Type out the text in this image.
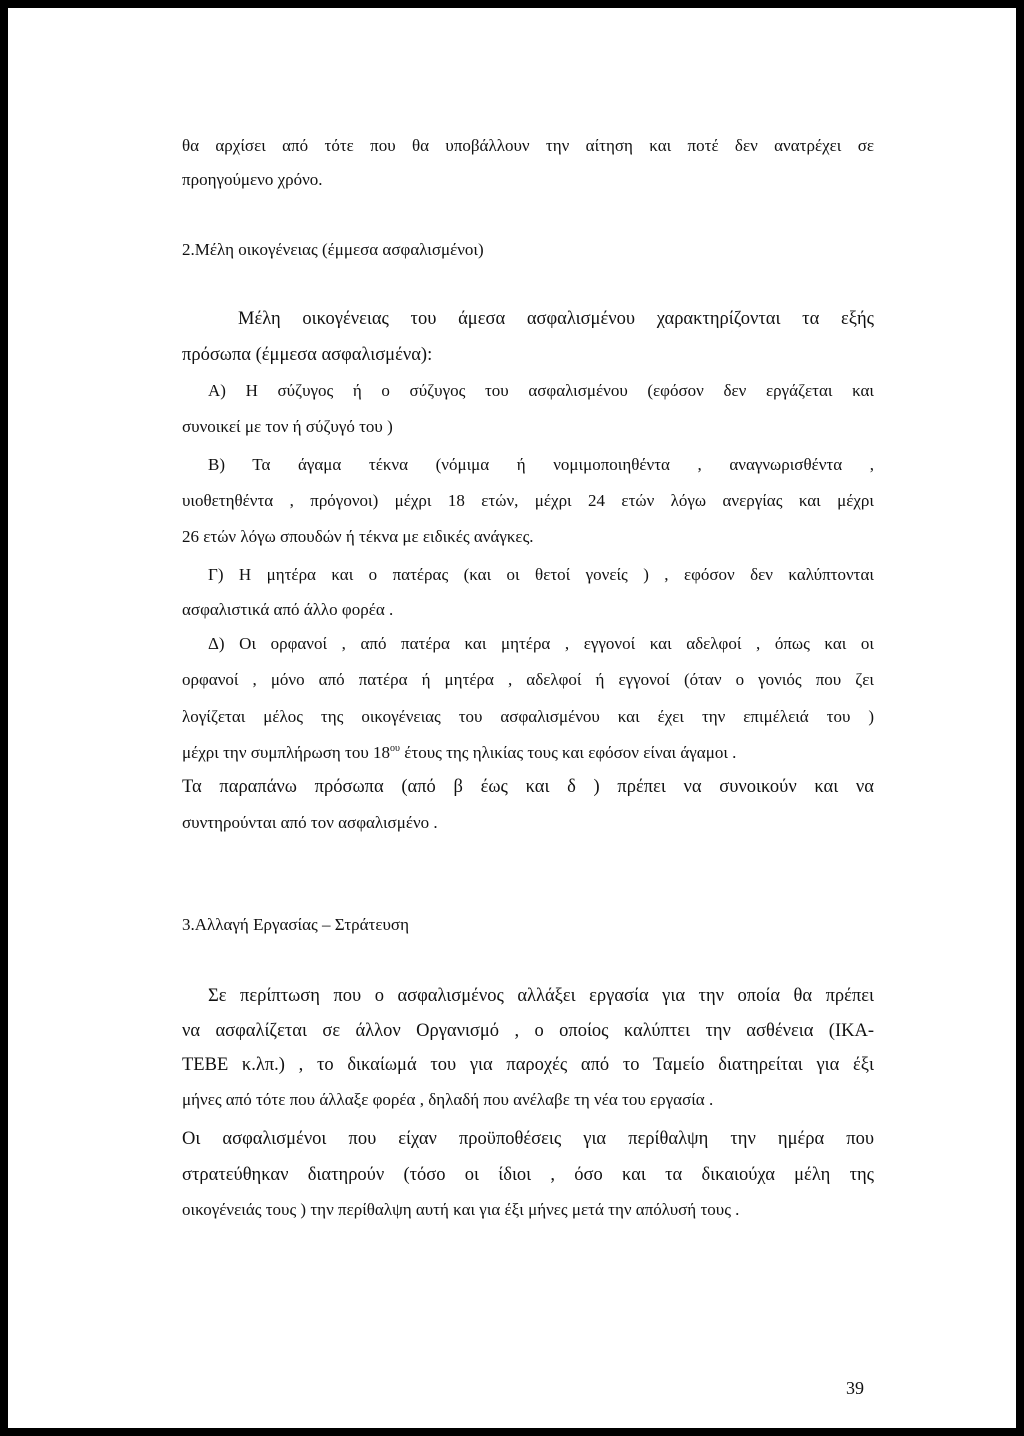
θα αρχίσει από τότε που θα υποβάλλουν την αίτηση και ποτέ δεν ανατρέχει σε
προηγούμενο χρόνο.
2.Μέλη οικογένειας (έμμεσα ασφαλισμένοι)
Μέλη οικογένειας του άμεσα ασφαλισμένου χαρακτηρίζονται τα εξής
πρόσωπα (έμμεσα ασφαλισμένα):
Α) Η σύζυγος ή ο σύζυγος του ασφαλισμένου (εφόσον δεν εργάζεται και
συνοικεί με τον ή σύζυγό του )
Β) Τα άγαμα τέκνα (νόμιμα ή νομιμοποιηθέντα , αναγνωρισθέντα ,
υιοθετηθέντα , πρόγονοι) μέχρι 18 ετών, μέχρι 24 ετών λόγω ανεργίας και μέχρι
26 ετών λόγω σπουδών ή τέκνα με ειδικές ανάγκες.
Γ) Η μητέρα και ο πατέρας (και οι θετοί γονείς ) , εφόσον δεν καλύπτονται
ασφαλιστικά από άλλο φορέα .
Δ) Οι ορφανοί , από πατέρα και μητέρα , εγγονοί και αδελφοί , όπως και οι
ορφανοί , μόνο από πατέρα ή μητέρα , αδελφοί ή εγγονοί (όταν ο γονιός που ζει
λογίζεται μέλος της οικογένειας του ασφαλισμένου και έχει την επιμέλειά του )
μέχρι την συμπλήρωση του $18^{o\upsilon}$ έτους της ηλικίας τους και εφόσον είναι άγαμοι .
Τα παραπάνω πρόσωπα (από β έως και δ ) πρέπει να συνοικούν και να
συντηρούνται από τον ασφαλισμένο .
3.Αλλαγή Εργασίας – Στράτευση
Σε περίπτωση που ο ασφαλισμένος αλλάξει εργασία για την οποία θα πρέπει
να ασφαλίζεται σε άλλον Οργανισμό , ο οποίος καλύπτει την ασθένεια (ΙΚΑ-
ΤΕΒΕ κ.λπ.) , το δικαίωμά του για παροχές από το Ταμείο διατηρείται για έξι
μήνες από τότε που άλλαξε φορέα , δηλαδή που ανέλαβε τη νέα του εργασία .
Οι ασφαλισμένοι που είχαν προϋποθέσεις για περίθαλψη την ημέρα που
στρατεύθηκαν διατηρούν (τόσο οι ίδιοι , όσο και τα δικαιούχα μέλη της
οικογένειάς τους ) την περίθαλψη αυτή και για έξι μήνες μετά την απόλυσή τους .
39
